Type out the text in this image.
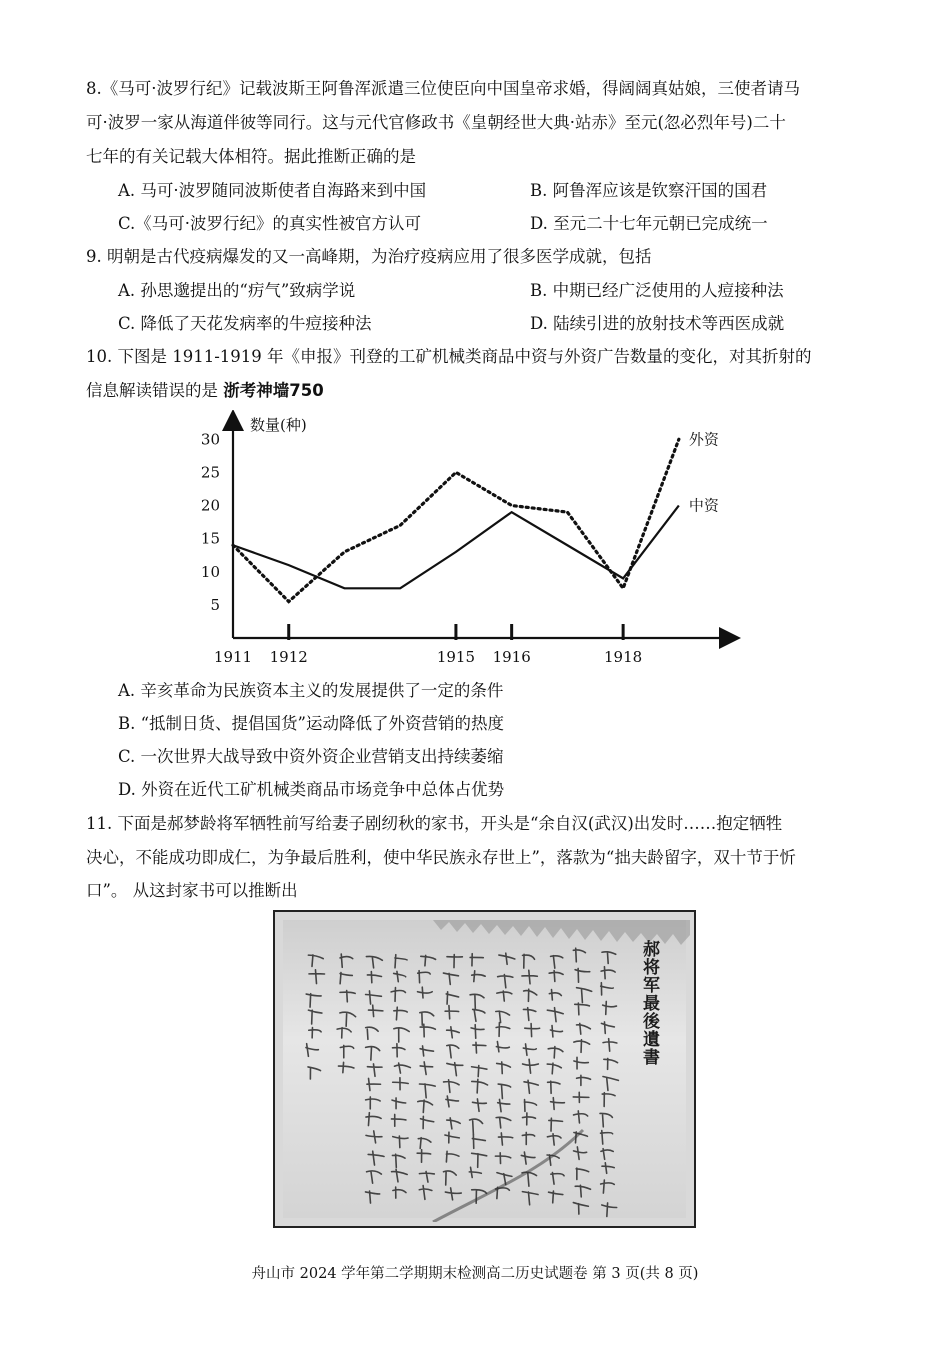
8.《马可·波罗行纪》记载波斯王阿鲁浑派遣三位使臣向中国皇帝求婚，得阔阔真姑娘，三使者请马
可·波罗一家从海道伴彼等同行。这与元代官修政书《皇朝经世大典·站赤》至元(忽必烈年号)二十
七年的有关记载大体相符。据此推断正确的是
A. 马可·波罗随同波斯使者自海路来到中国	B. 阿鲁浑应该是钦察汗国的国君
C.《马可·波罗行纪》的真实性被官方认可	D. 至元二十七年元朝已完成统一
9. 明朝是古代疫病爆发的又一高峰期，为治疗疫病应用了很多医学成就，包括
A. 孙思邈提出的“疠气”致病学说	B. 中期已经广泛使用的人痘接种法
C. 降低了天花发病率的牛痘接种法	D. 陆续引进的放射技术等西医成就
10. 下图是 1911-1919 年《申报》刊登的工矿机械类商品中资与外资广告数量的变化，对其折射的
信息解读错误的是 浙考神墙750
数量(种)
5
10
15
20
25
30
1911 1912	1915 1916	1918
外资
中资
A. 辛亥革命为民族资本主义的发展提供了一定的条件
B. “抵制日货、提倡国货”运动降低了外资营销的热度
C. 一次世界大战导致中资外资企业营销支出持续萎缩
D. 外资在近代工矿机械类商品市场竞争中总体占优势
11. 下面是郝梦龄将军牺牲前写给妻子剧纫秋的家书，开头是“余自汉(武汉)出发时……抱定牺牲
决心，不能成功即成仁，为争最后胜利，使中华民族永存世上”，落款为“拙夫龄留字，双十节于忻
口”。 从这封家书可以推断出
郝将军最後遺書
舟山市 2024 学年第二学期期末检测高二历史试题卷 第 3 页(共 8 页)
